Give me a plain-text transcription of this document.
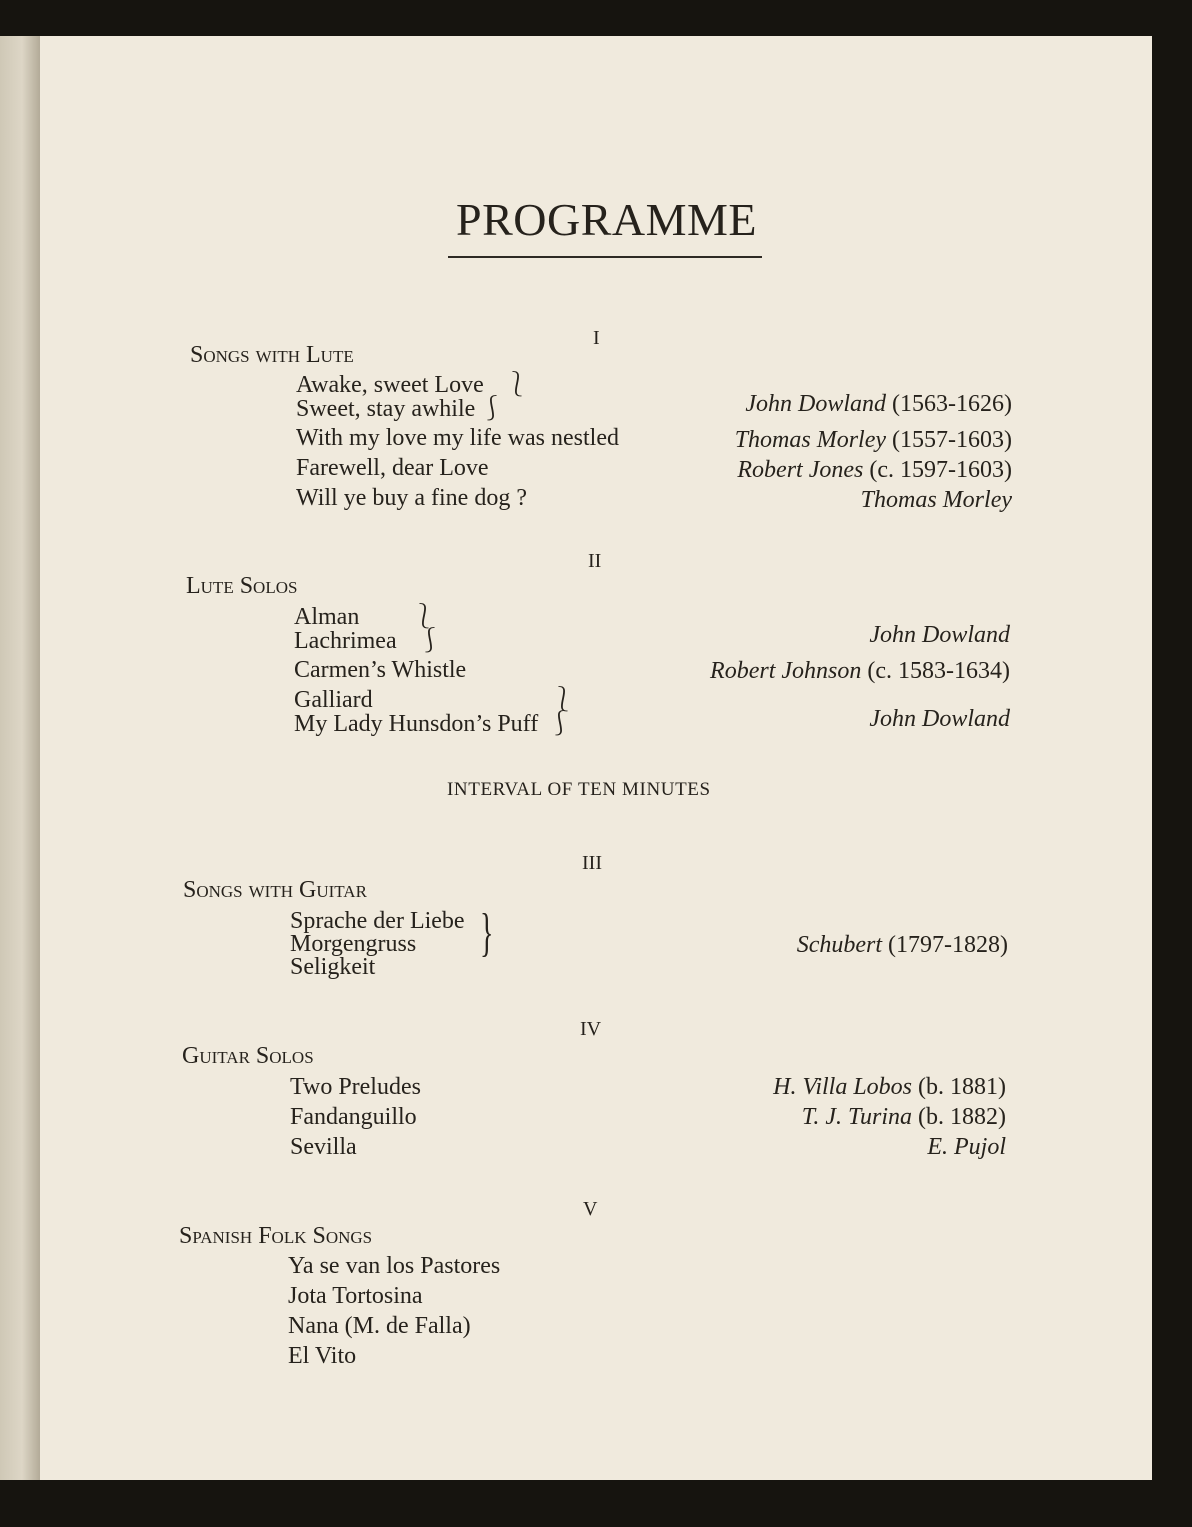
PROGRAMME
I
Songs with Lute
Awake, sweet Love ⎱
Sweet, stay awhile ⎰	John Dowland (1563-1626)
With my love my life was nestled	Thomas Morley (1557-1603)
Farewell, dear Love	Robert Jones (c. 1597-1603)
Will ye buy a fine dog ?	Thomas Morley
II
Lute Solos
Alman ⎱
Lachrimea ⎰	John Dowland
Carmen’s Whistle	Robert Johnson (c. 1583-1634)
Galliard	⎱
My Lady Hunsdon’s Puff ⎰	John Dowland
INTERVAL OF TEN MINUTES
III
Songs with Guitar
Sprache der Liebe
Morgengruss
Seligkeit
}	Schubert (1797-1828)
IV
Guitar Solos
Two Preludes	H. Villa Lobos (b. 1881)
Fandanguillo	T. J. Turina (b. 1882)
Sevilla	E. Pujol
V
Spanish Folk Songs
Ya se van los Pastores
Jota Tortosina
Nana (M. de Falla)
El Vito
